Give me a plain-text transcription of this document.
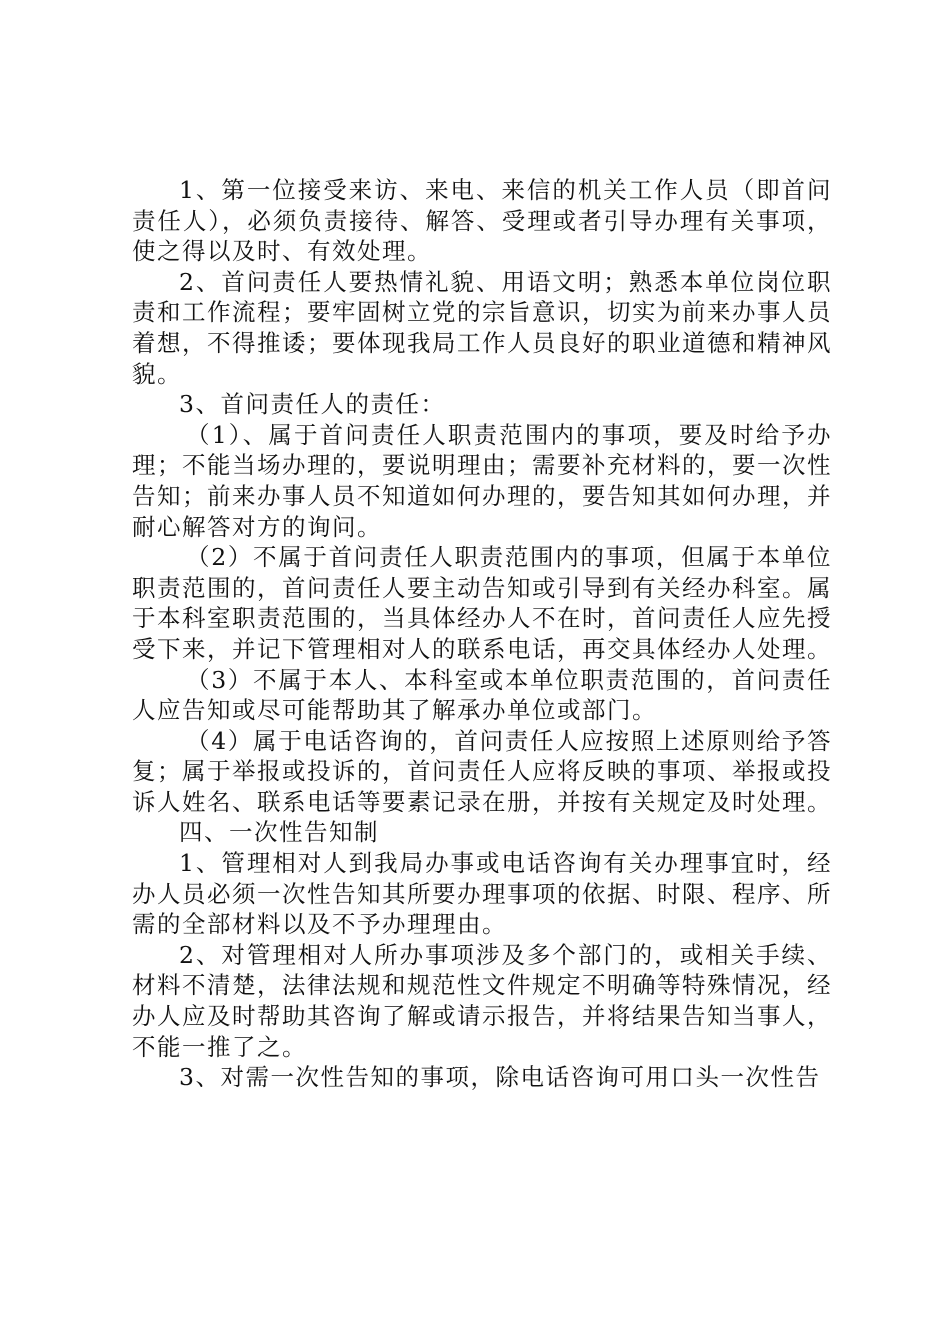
1、第一位接受来访、来电、来信的机关工作人员（即首问责任人），必须负责接待、解答、受理或者引导办理有关事项，使之得以及时、有效处理。

2、首问责任人要热情礼貌、用语文明；熟悉本单位岗位职责和工作流程；要牢固树立党的宗旨意识，切实为前来办事人员着想，不得推诿；要体现我局工作人员良好的职业道德和精神风貌。

3、首问责任人的责任：

（1）、属于首问责任人职责范围内的事项，要及时给予办理；不能当场办理的，要说明理由；需要补充材料的，要一次性告知；前来办事人员不知道如何办理的，要告知其如何办理，并耐心解答对方的询问。

（2）不属于首问责任人职责范围内的事项，但属于本单位职责范围的，首问责任人要主动告知或引导到有关经办科室。属于本科室职责范围的，当具体经办人不在时，首问责任人应先授受下来，并记下管理相对人的联系电话，再交具体经办人处理。

（3）不属于本人、本科室或本单位职责范围的，首问责任人应告知或尽可能帮助其了解承办单位或部门。

（4）属于电话咨询的，首问责任人应按照上述原则给予答复；属于举报或投诉的，首问责任人应将反映的事项、举报或投诉人姓名、联系电话等要素记录在册，并按有关规定及时处理。

四、一次性告知制

1、管理相对人到我局办事或电话咨询有关办理事宜时，经办人员必须一次性告知其所要办理事项的依据、时限、程序、所需的全部材料以及不予办理理由。

2、对管理相对人所办事项涉及多个部门的，或相关手续、材料不清楚，法律法规和规范性文件规定不明确等特殊情况，经办人应及时帮助其咨询了解或请示报告，并将结果告知当事人，不能一推了之。

3、对需一次性告知的事项，除电话咨询可用口头一次性告
